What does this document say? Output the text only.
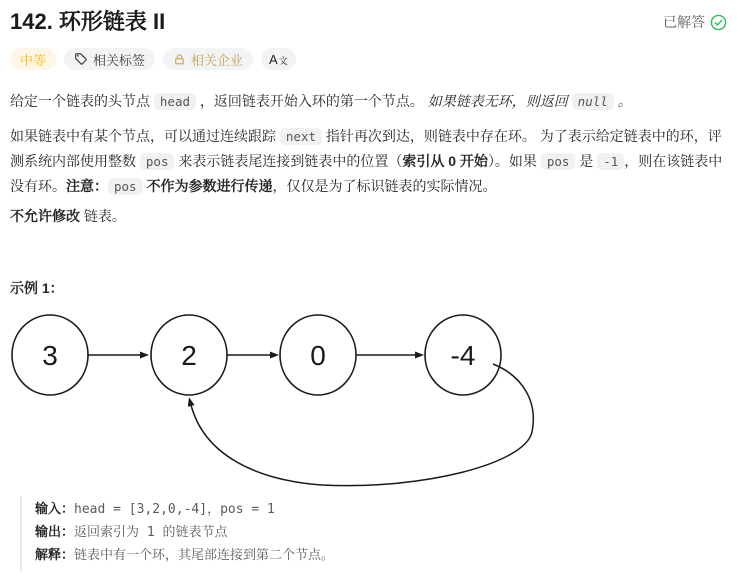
142. 环形链表 II	已解答
中等	相关标签	相关企业 A文
给定一个链表的头节点 head ，返回链表开始入环的第一个节点。 如果链表无环，则返回 null 。
如果链表中有某个节点，可以通过连续跟踪 next 指针再次到达，则链表中存在环。 为了表示给定链表中的环，评测系统内部使用整数 pos 来表示链表尾连接到链表中的位置（索引从 0 开始）。如果 pos 是 -1 ，则在该链表中没有环。注意： pos 不作为参数进行传递，仅仅是为了标识链表的实际情况。
不允许修改 链表。
示例 1：
3	2	0	-4
输入：head = [3,2,0,-4]，pos = 1
输出：返回索引为 1 的链表节点
解释：链表中有一个环，其尾部连接到第二个节点。
